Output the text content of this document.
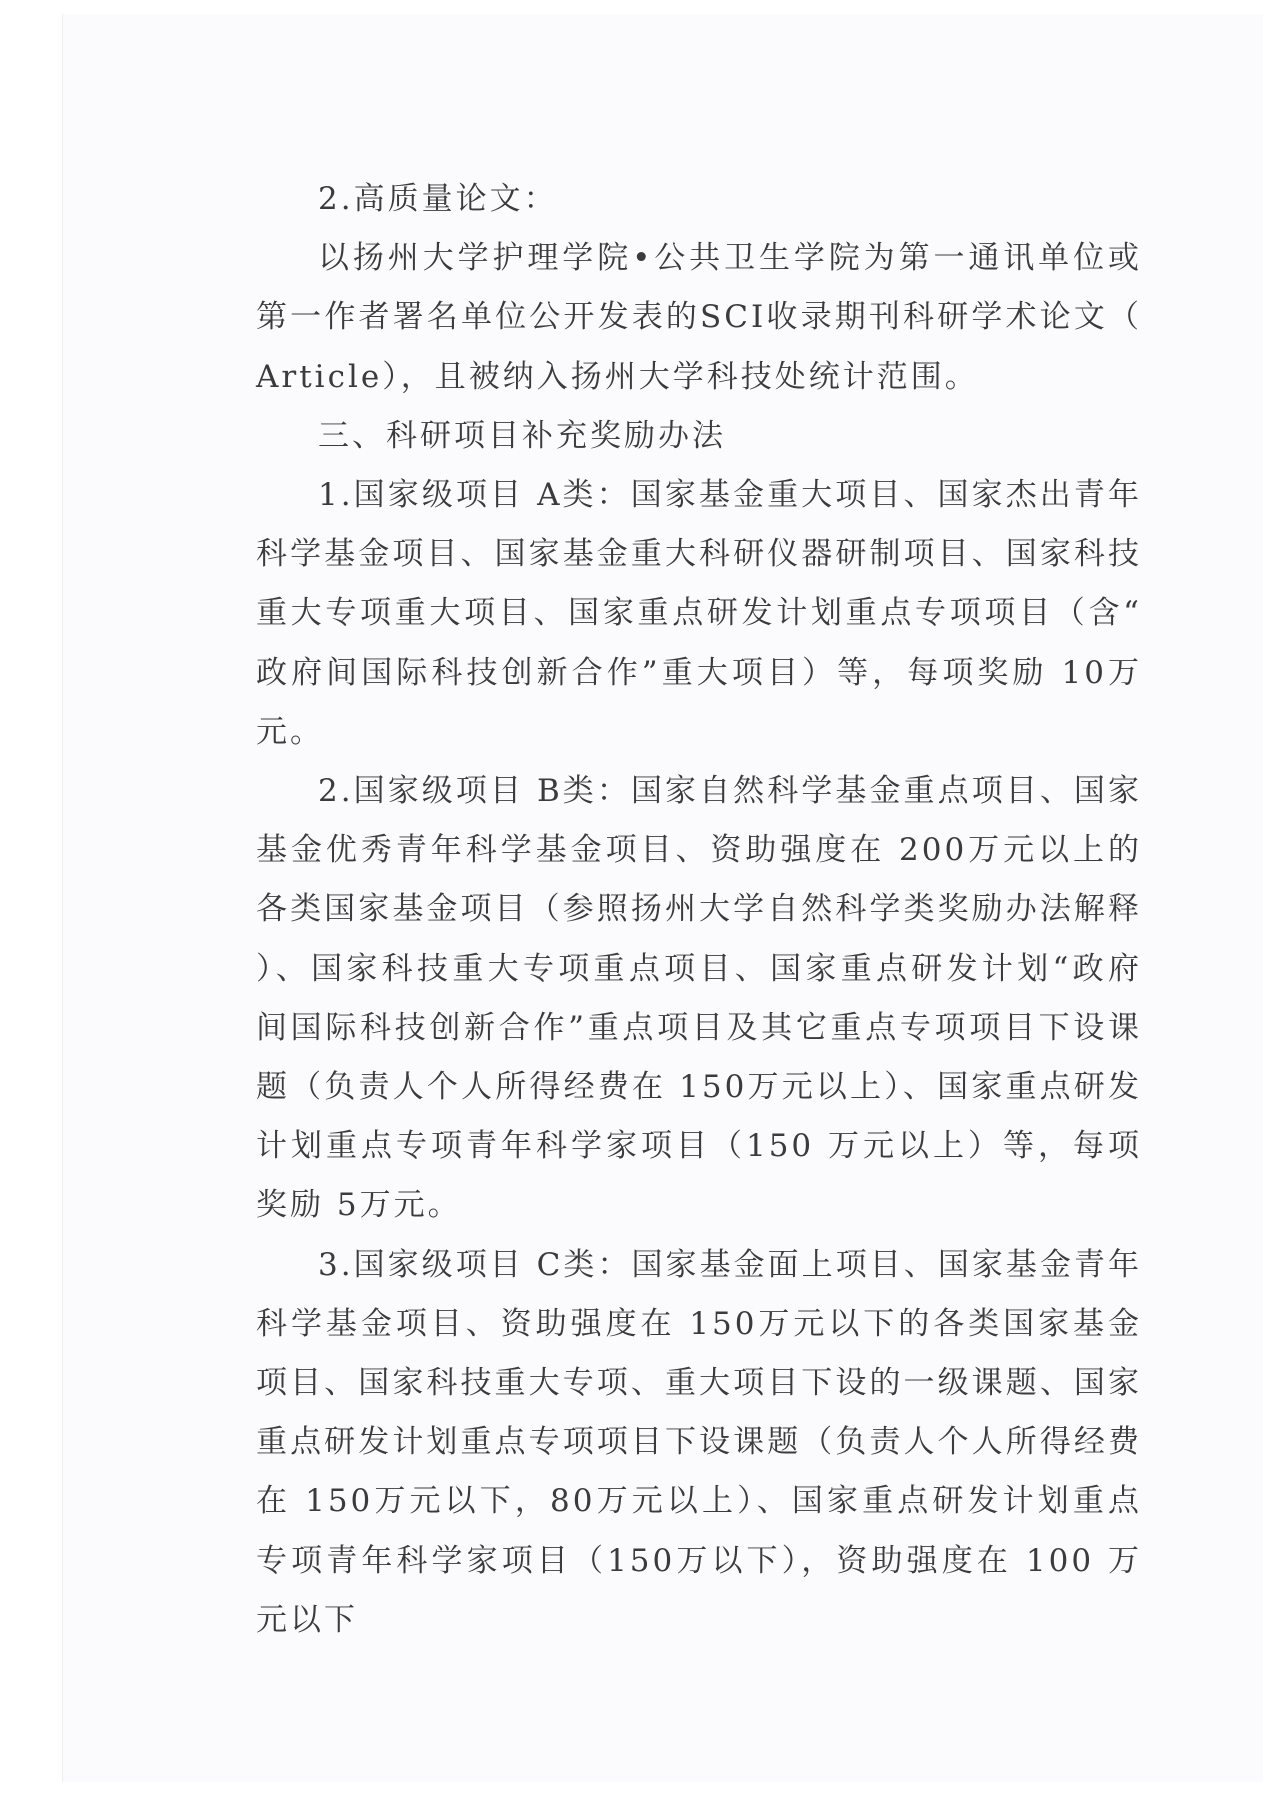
2.高质量论文：

以扬州大学护理学院•公共卫生学院为第一通讯单位或第一作者署名单位公开发表的SCI收录期刊科研学术论文（Article），且被纳入扬州大学科技处统计范围。

三、科研项目补充奖励办法

1.国家级项目 A类：国家基金重大项目、国家杰出青年科学基金项目、国家基金重大科研仪器研制项目、国家科技重大专项重大项目、国家重点研发计划重点专项项目（含“政府间国际科技创新合作”重大项目）等，每项奖励 10万元。

2.国家级项目 B类：国家自然科学基金重点项目、国家基金优秀青年科学基金项目、资助强度在 200万元以上的各类国家基金项目（参照扬州大学自然科学类奖励办法解释）、国家科技重大专项重点项目、国家重点研发计划“政府间国际科技创新合作”重点项目及其它重点专项项目下设课题（负责人个人所得经费在 150万元以上）、国家重点研发计划重点专项青年科学家项目（150 万元以上）等，每项奖励 5万元。

3.国家级项目 C类：国家基金面上项目、国家基金青年科学基金项目、资助强度在 150万元以下的各类国家基金项目、国家科技重大专项、重大项目下设的一级课题、国家重点研发计划重点专项项目下设课题（负责人个人所得经费在 150万元以下，80万元以上）、国家重点研发计划重点专项青年科学家项目（150万以下），资助强度在 100 万元以下
